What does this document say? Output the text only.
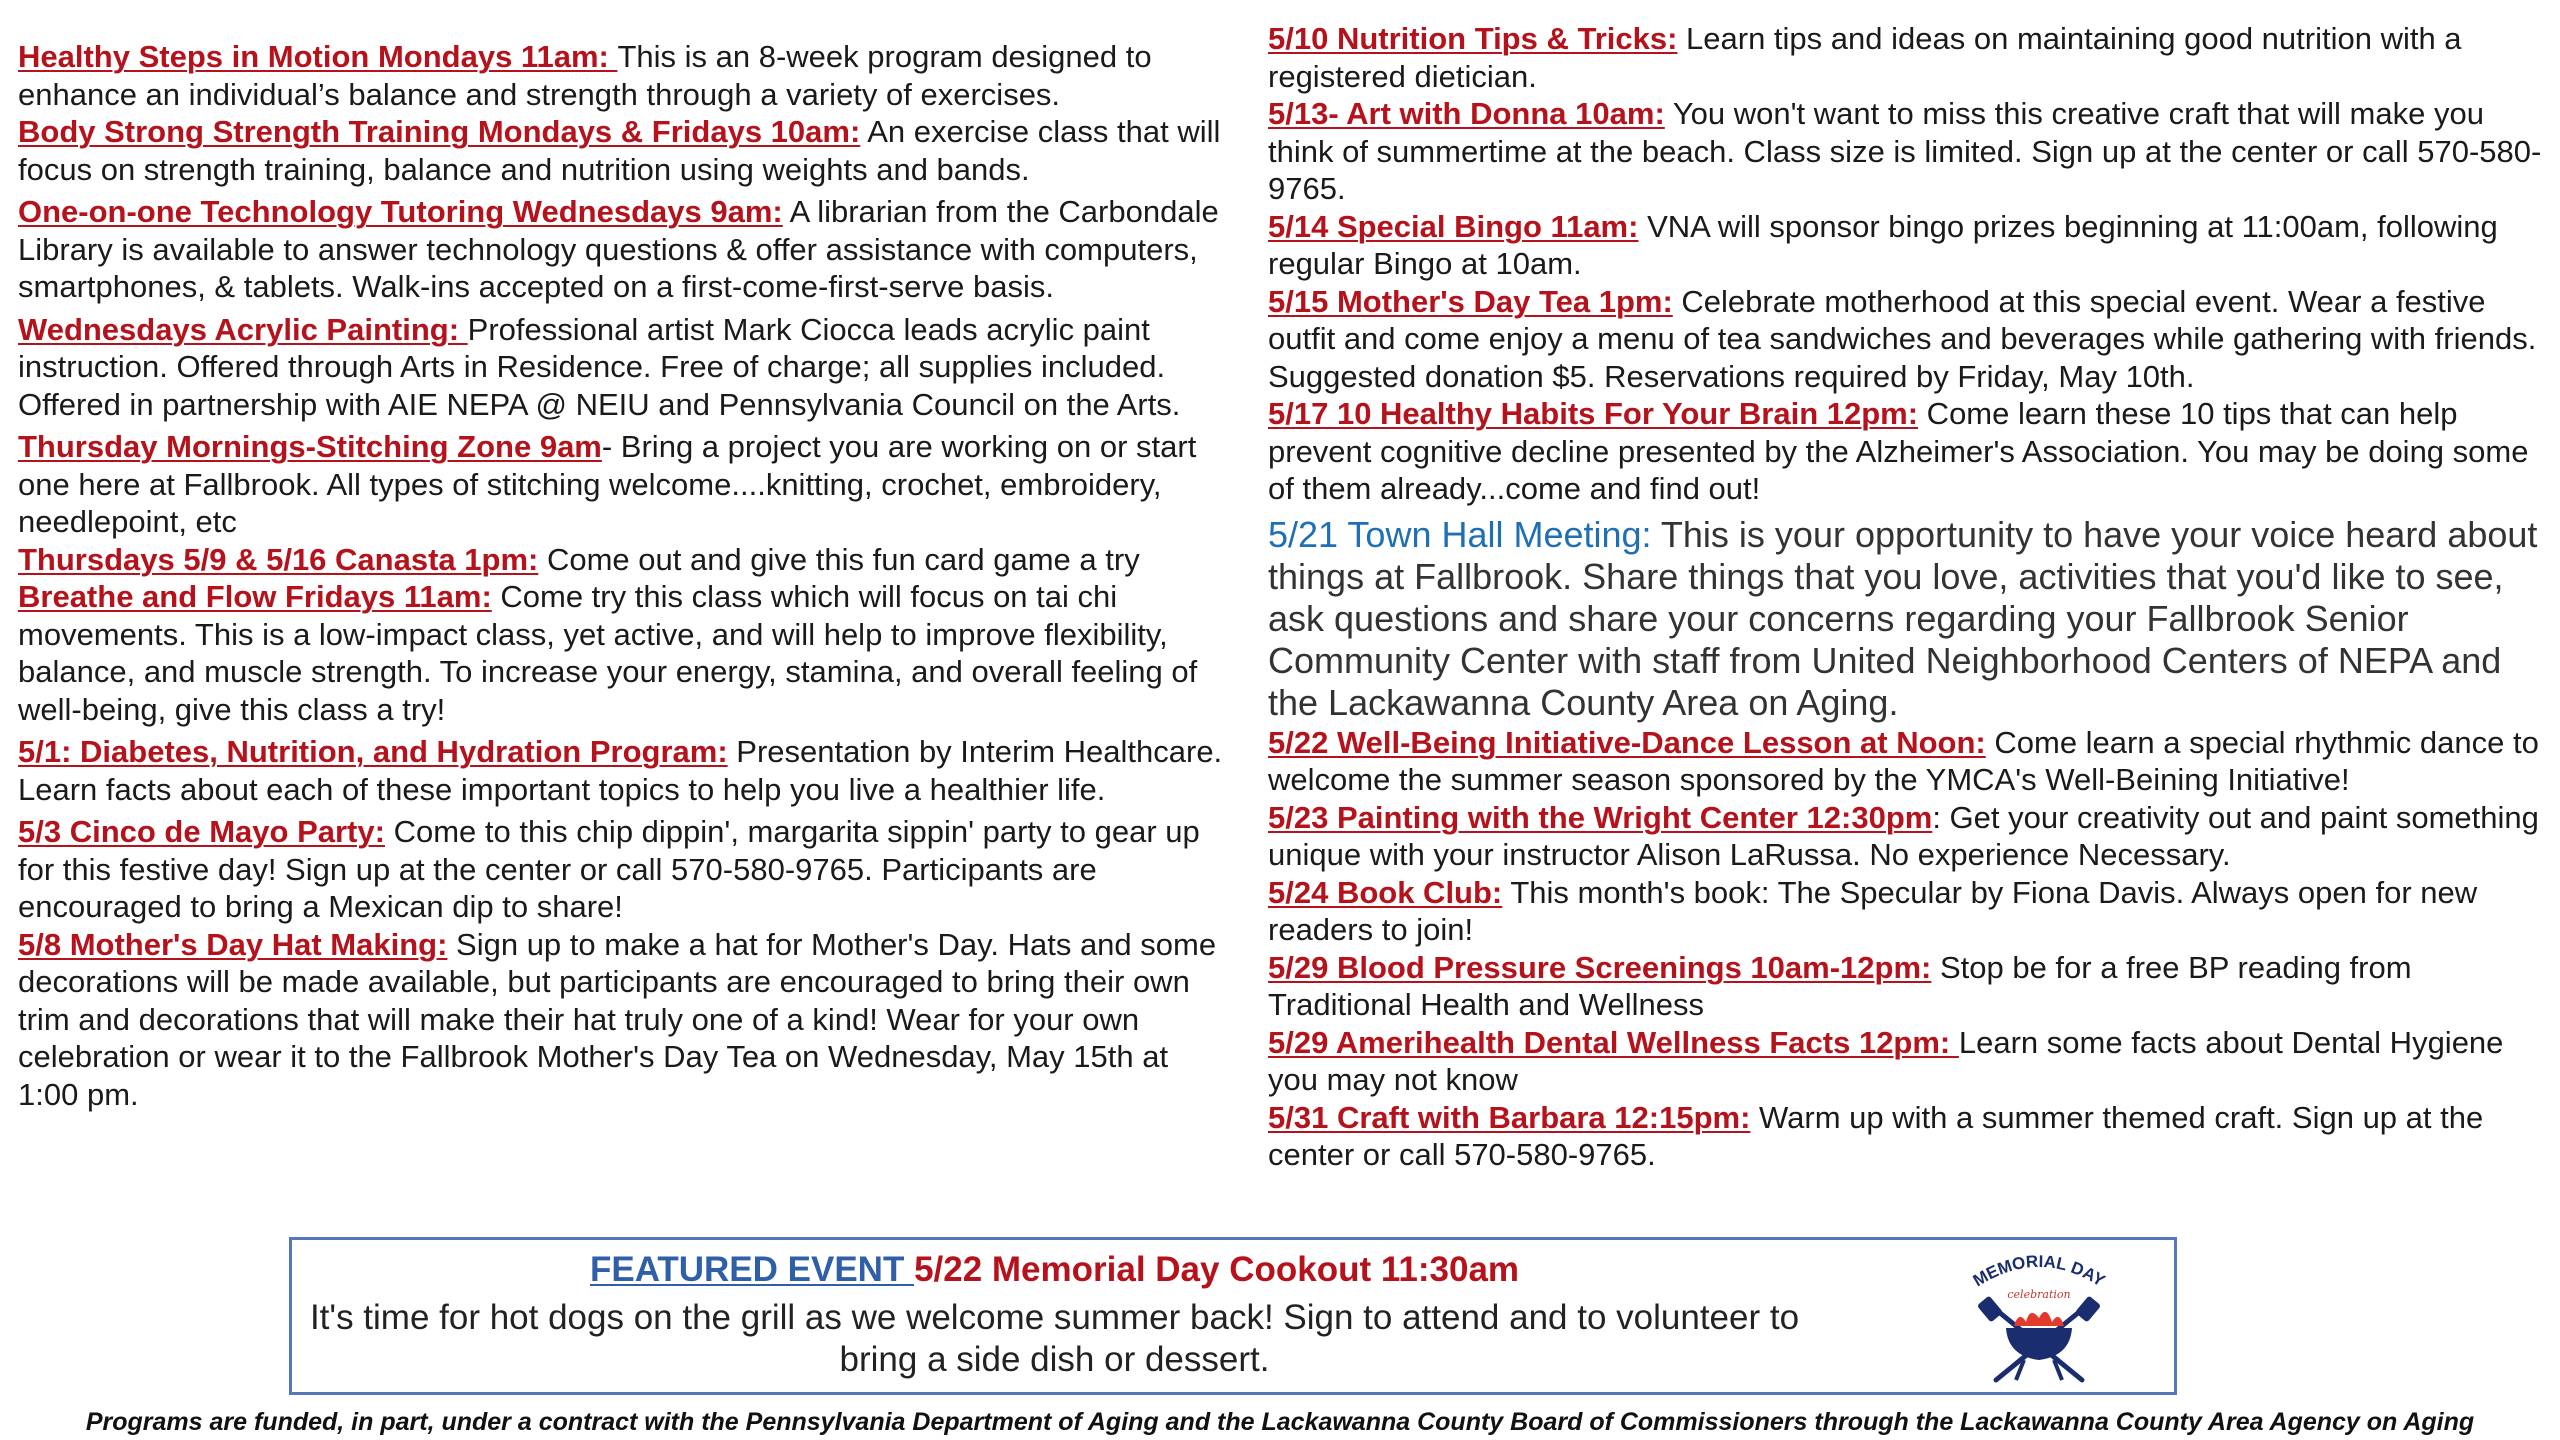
Healthy Steps in Motion Mondays 11am: This is an 8-week program designed to enhance an individual’s balance and strength through a variety of exercises.

Body Strong Strength Training Mondays & Fridays 10am: An exercise class that will focus on strength training, balance and nutrition using weights and bands.

One-on-one Technology Tutoring Wednesdays 9am: A librarian from the Carbondale Library is available to answer technology questions & offer assistance with computers, smartphones, & tablets. Walk-ins accepted on a first-come-first-serve basis.

Wednesdays Acrylic Painting: Professional artist Mark Ciocca leads acrylic paint instruction. Offered through Arts in Residence. Free of charge; all supplies included. Offered in partnership with AIE NEPA @ NEIU and Pennsylvania Council on the Arts.

Thursday Mornings-Stitching Zone 9am- Bring a project you are working on or start one here at Fallbrook. All types of stitching welcome....knitting, crochet, embroidery, needlepoint, etc

Thursdays 5/9 & 5/16 Canasta 1pm: Come out and give this fun card game a try

Breathe and Flow Fridays 11am: Come try this class which will focus on tai chi movements. This is a low-impact class, yet active, and will help to improve flexibility, balance, and muscle strength. To increase your energy, stamina, and overall feeling of well-being, give this class a try!

5/1: Diabetes, Nutrition, and Hydration Program: Presentation by Interim Healthcare. Learn facts about each of these important topics to help you live a healthier life.

5/3 Cinco de Mayo Party: Come to this chip dippin', margarita sippin' party to gear up for this festive day! Sign up at the center or call 570-580-9765. Participants are encouraged to bring a Mexican dip to share!

5/8 Mother's Day Hat Making: Sign up to make a hat for Mother's Day. Hats and some decorations will be made available, but participants are encouraged to bring their own trim and decorations that will make their hat truly one of a kind! Wear for your own celebration or wear it to the Fallbrook Mother's Day Tea on Wednesday, May 15th at 1:00 pm.

5/10 Nutrition Tips & Tricks: Learn tips and ideas on maintaining good nutrition with a registered dietician.

5/13- Art with Donna 10am: You won't want to miss this creative craft that will make you think of summertime at the beach. Class size is limited. Sign up at the center or call 570-580-9765.

5/14 Special Bingo 11am: VNA will sponsor bingo prizes beginning at 11:00am, following regular Bingo at 10am.

5/15 Mother's Day Tea 1pm: Celebrate motherhood at this special event. Wear a festive outfit and come enjoy a menu of tea sandwiches and beverages while gathering with friends. Suggested donation $5. Reservations required by Friday, May 10th.

5/17 10 Healthy Habits For Your Brain 12pm: Come learn these 10 tips that can help prevent cognitive decline presented by the Alzheimer's Association. You may be doing some of them already...come and find out!

5/21 Town Hall Meeting: This is your opportunity to have your voice heard about things at Fallbrook. Share things that you love, activities that you'd like to see, ask questions and share your concerns regarding your Fallbrook Senior Community Center with staff from United Neighborhood Centers of NEPA and the Lackawanna County Area on Aging.

5/22 Well-Being Initiative-Dance Lesson at Noon: Come learn a special rhythmic dance to welcome the summer season sponsored by the YMCA's Well-Beining Initiative!

5/23 Painting with the Wright Center 12:30pm: Get your creativity out and paint something unique with your instructor Alison LaRussa. No experience Necessary.

5/24 Book Club: This month's book: The Specular by Fiona Davis. Always open for new readers to join!

5/29 Blood Pressure Screenings 10am-12pm: Stop be for a free BP reading from Traditional Health and Wellness

5/29 Amerihealth Dental Wellness Facts 12pm: Learn some facts about Dental Hygiene you may not know

5/31 Craft with Barbara 12:15pm: Warm up with a summer themed craft. Sign up at the center or call 570-580-9765.

FEATURED EVENT 5/22 Memorial Day Cookout 11:30am
It's time for hot dogs on the grill as we welcome summer back! Sign to attend and to volunteer to bring a side dish or dessert.
MEMORIAL DAY
celebration
Programs are funded, in part, under a contract with the Pennsylvania Department of Aging and the Lackawanna County Board of Commissioners through the Lackawanna County Area Agency on Aging
